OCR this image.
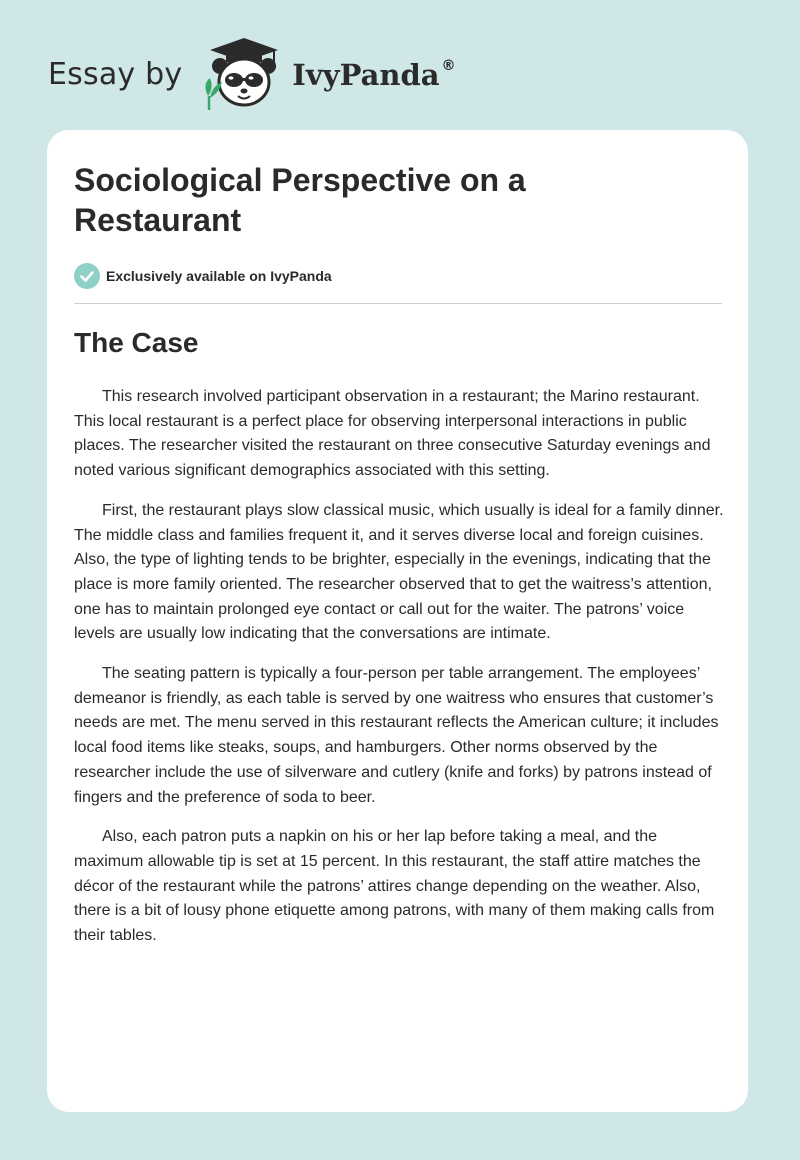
Essay by	IvyPanda ®
Sociological Perspective on a Restaurant
Exclusively available on IvyPanda
The Case

This research involved participant observation in a restaurant; the Marino restaurant. This local restaurant is a perfect place for observing interpersonal interactions in public places. The researcher visited the restaurant on three consecutive Saturday evenings and noted various significant demographics associated with this setting.

First, the restaurant plays slow classical music, which usually is ideal for a family dinner. The middle class and families frequent it, and it serves diverse local and foreign cuisines. Also, the type of lighting tends to be brighter, especially in the evenings, indicating that the place is more family oriented. The researcher observed that to get the waitress’s attention, one has to maintain prolonged eye contact or call out for the waiter. The patrons’ voice levels are usually low indicating that the conversations are intimate.

The seating pattern is typically a four-person per table arrangement. The employees’ demeanor is friendly, as each table is served by one waitress who ensures that customer’s needs are met. The menu served in this restaurant reflects the American culture; it includes local food items like steaks, soups, and hamburgers. Other norms observed by the researcher include the use of silverware and cutlery (knife and forks) by patrons instead of fingers and the preference of soda to beer.

Also, each patron puts a napkin on his or her lap before taking a meal, and the maximum allowable tip is set at 15 percent. In this restaurant, the staff attire matches the décor of the restaurant while the patrons’ attires change depending on the weather. Also, there is a bit of lousy phone etiquette among patrons, with many of them making calls from their tables.
